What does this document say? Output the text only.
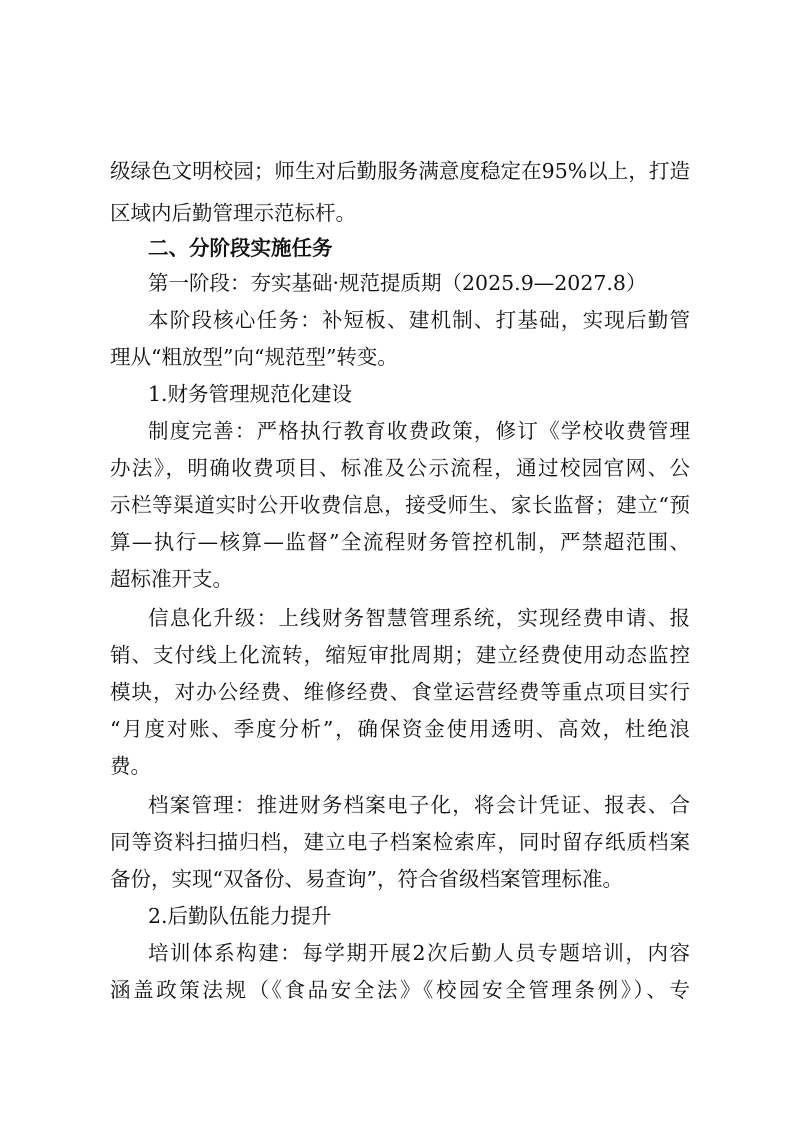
级绿色文明校园；师生对后勤服务满意度稳定在95%以上，打造
区域内后勤管理示范标杆。
二、分阶段实施任务
第一阶段：夯实基础·规范提质期（2025.9—2027.8）
本阶段核心任务：补短板、建机制、打基础，实现后勤管
理从“粗放型”向“规范型”转变。
1.财务管理规范化建设
制度完善：严格执行教育收费政策，修订《学校收费管理
办法》，明确收费项目、标准及公示流程，通过校园官网、公
示栏等渠道实时公开收费信息，接受师生、家长监督；建立“预
算—执行—核算—监督”全流程财务管控机制，严禁超范围、
超标准开支。
信息化升级：上线财务智慧管理系统，实现经费申请、报
销、支付线上化流转，缩短审批周期；建立经费使用动态监控
模块，对办公经费、维修经费、食堂运营经费等重点项目实行
“月度对账、季度分析”，确保资金使用透明、高效，杜绝浪
费。
档案管理：推进财务档案电子化，将会计凭证、报表、合
同等资料扫描归档，建立电子档案检索库，同时留存纸质档案
备份，实现“双备份、易查询”，符合省级档案管理标准。
2.后勤队伍能力提升
培训体系构建：每学期开展2次后勤人员专题培训，内容
涵盖政策法规（《食品安全法》《校园安全管理条例》）、专
